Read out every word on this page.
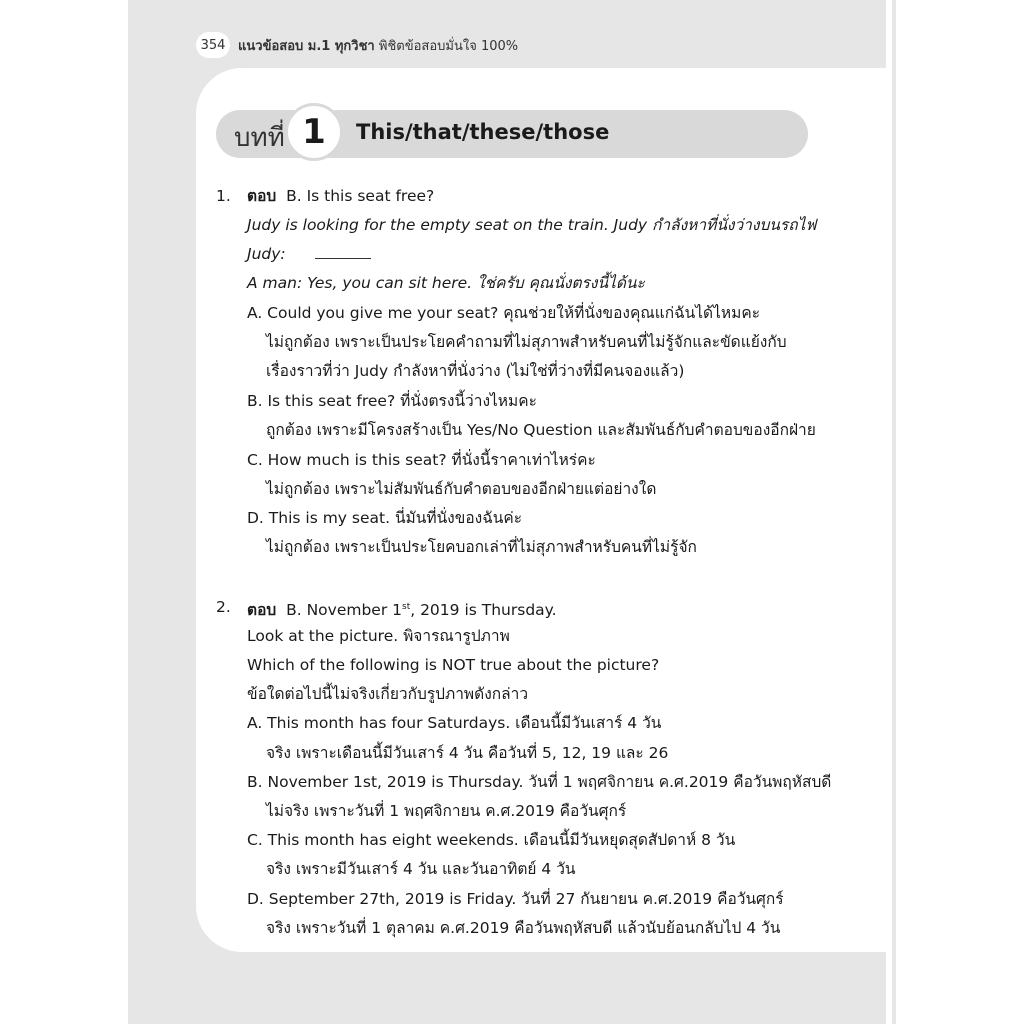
354 แนวข้อสอบ ม.1 ทุกวิชา พิชิตข้อสอบมั่นใจ 100%
บทที่ 1	This/that/these/those
1. ตอบ B. Is this seat free?
Judy is looking for the empty seat on the train. Judy กำลังหาที่นั่งว่างบนรถไฟ
Judy:
A man: Yes, you can sit here. ใช่ครับ คุณนั่งตรงนี้ได้นะ
A. Could you give me your seat? คุณช่วยให้ที่นั่งของคุณแก่ฉันได้ไหมคะ
ไม่ถูกต้อง เพราะเป็นประโยคคำถามที่ไม่สุภาพสำหรับคนที่ไม่รู้จักและขัดแย้งกับ
เรื่องราวที่ว่า Judy กำลังหาที่นั่งว่าง (ไม่ใช่ที่ว่างที่มีคนจองแล้ว)
B. Is this seat free? ที่นั่งตรงนี้ว่างไหมคะ
ถูกต้อง เพราะมีโครงสร้างเป็น Yes/No Question และสัมพันธ์กับคำตอบของอีกฝ่าย
C. How much is this seat? ที่นั่งนี้ราคาเท่าไหร่คะ
ไม่ถูกต้อง เพราะไม่สัมพันธ์กับคำตอบของอีกฝ่ายแต่อย่างใด
D. This is my seat. นี่มันที่นั่งของฉันค่ะ
ไม่ถูกต้อง เพราะเป็นประโยคบอกเล่าที่ไม่สุภาพสำหรับคนที่ไม่รู้จัก
2. ตอบ B. November 1st, 2019 is Thursday.
Look at the picture. พิจารณารูปภาพ
Which of the following is NOT true about the picture?
ข้อใดต่อไปนี้ไม่จริงเกี่ยวกับรูปภาพดังกล่าว
A. This month has four Saturdays. เดือนนี้มีวันเสาร์ 4 วัน
จริง เพราะเดือนนี้มีวันเสาร์ 4 วัน คือวันที่ 5, 12, 19 และ 26
B. November 1st, 2019 is Thursday. วันที่ 1 พฤศจิกายน ค.ศ.2019 คือวันพฤหัสบดี
ไม่จริง เพราะวันที่ 1 พฤศจิกายน ค.ศ.2019 คือวันศุกร์
C. This month has eight weekends. เดือนนี้มีวันหยุดสุดสัปดาห์ 8 วัน
จริง เพราะมีวันเสาร์ 4 วัน และวันอาทิตย์ 4 วัน
D. September 27th, 2019 is Friday. วันที่ 27 กันยายน ค.ศ.2019 คือวันศุกร์
จริง เพราะวันที่ 1 ตุลาคม ค.ศ.2019 คือวันพฤหัสบดี แล้วนับย้อนกลับไป 4 วัน
